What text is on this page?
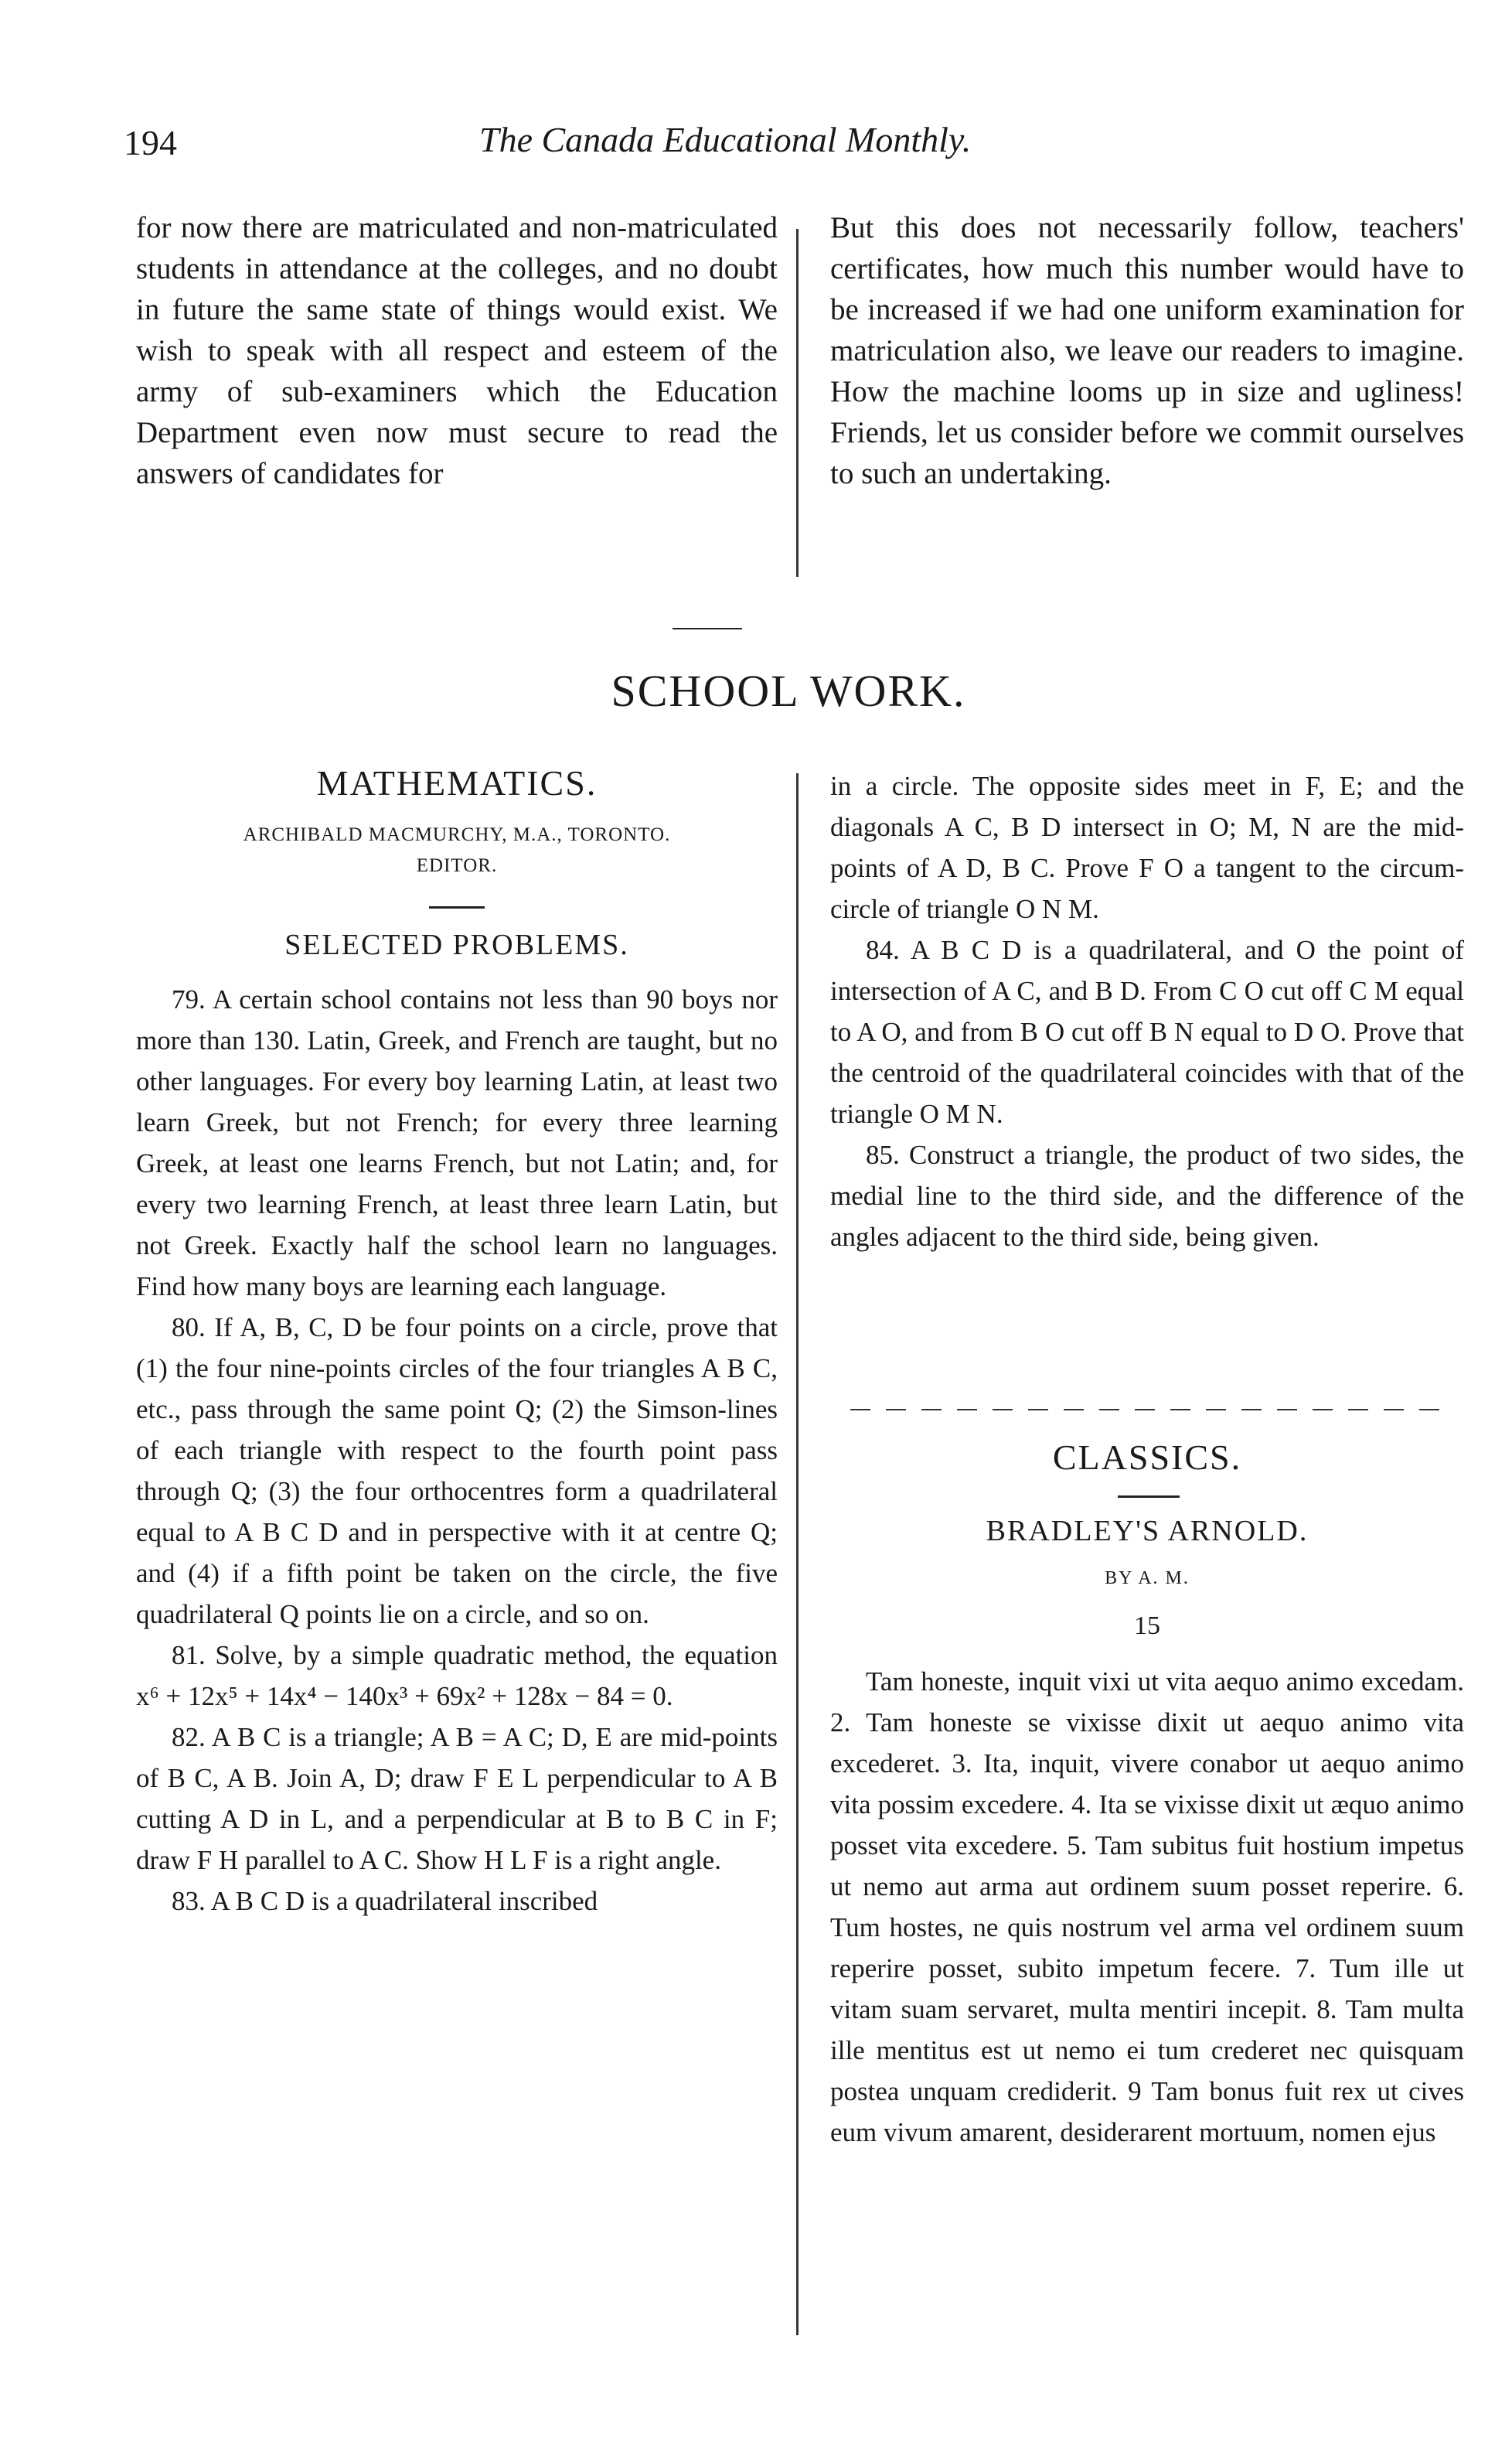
194	The Canada Educational Monthly.

for now there are matriculated and non-matriculated students in attendance at the colleges, and no doubt in future the same state of things would exist. We wish to speak with all respect and esteem of the army of sub-examiners which the Education Department even now must secure to read the answers of candidates for

But this does not necessarily follow, teachers' certificates, how much this number would have to be increased if we had one uniform examination for matriculation also, we leave our readers to imagine. How the machine looms up in size and ugliness! Friends, let us consider before we commit ourselves to such an undertaking.

SCHOOL WORK.
MATHEMATICS.
ARCHIBALD MACMURCHY, M.A., TORONTO.
EDITOR.
SELECTED PROBLEMS.

79. A certain school contains not less than 90 boys nor more than 130. Latin, Greek, and French are taught, but no other languages. For every boy learning Latin, at least two learn Greek, but not French; for every three learning Greek, at least one learns French, but not Latin; and, for every two learning French, at least three learn Latin, but not Greek. Exactly half the school learn no languages. Find how many boys are learning each language.

80. If A, B, C, D be four points on a circle, prove that (1) the four nine-points circles of the four triangles A B C, etc., pass through the same point Q; (2) the Simson-lines of each triangle with respect to the fourth point pass through Q; (3) the four orthocentres form a quadrilateral equal to A B C D and in perspective with it at centre Q; and (4) if a fifth point be taken on the circle, the five quadrilateral Q points lie on a circle, and so on.

81. Solve, by a simple quadratic method, the equation x⁶ + 12x⁵ + 14x⁴ − 140x³ + 69x² + 128x − 84 = 0.

82. A B C is a triangle; A B = A C; D, E are mid-points of B C, A B. Join A, D; draw F E L perpendicular to A B cutting A D in L, and a perpendicular at B to B C in F; draw F H parallel to A C. Show H L F is a right angle.

83. A B C D is a quadrilateral inscribed

in a circle. The opposite sides meet in F, E; and the diagonals A C, B D intersect in O; M, N are the mid-points of A D, B C. Prove F O a tangent to the circum-circle of triangle O N M.

84. A B C D is a quadrilateral, and O the point of intersection of A C, and B D. From C O cut off C M equal to A O, and from B O cut off B N equal to D O. Prove that the centroid of the quadrilateral coincides with that of the triangle O M N.

85. Construct a triangle, the product of two sides, the medial line to the third side, and the difference of the angles adjacent to the third side, being given.

CLASSICS.
BRADLEY'S ARNOLD.
BY A. M.
15

Tam honeste, inquit vixi ut vita aequo animo excedam. 2. Tam honeste se vixisse dixit ut aequo animo vita excederet. 3. Ita, inquit, vivere conabor ut aequo animo vita possim excedere. 4. Ita se vixisse dixit ut æquo animo posset vita excedere. 5. Tam subitus fuit hostium impetus ut nemo aut arma aut ordinem suum posset reperire. 6. Tum hostes, ne quis nostrum vel arma vel ordinem suum reperire posset, subito impetum fecere. 7. Tum ille ut vitam suam servaret, multa mentiri incepit. 8. Tam multa ille mentitus est ut nemo ei tum crederet nec quisquam postea unquam crediderit. 9 Tam bonus fuit rex ut cives eum vivum amarent, desiderarent mortuum, nomen ejus
